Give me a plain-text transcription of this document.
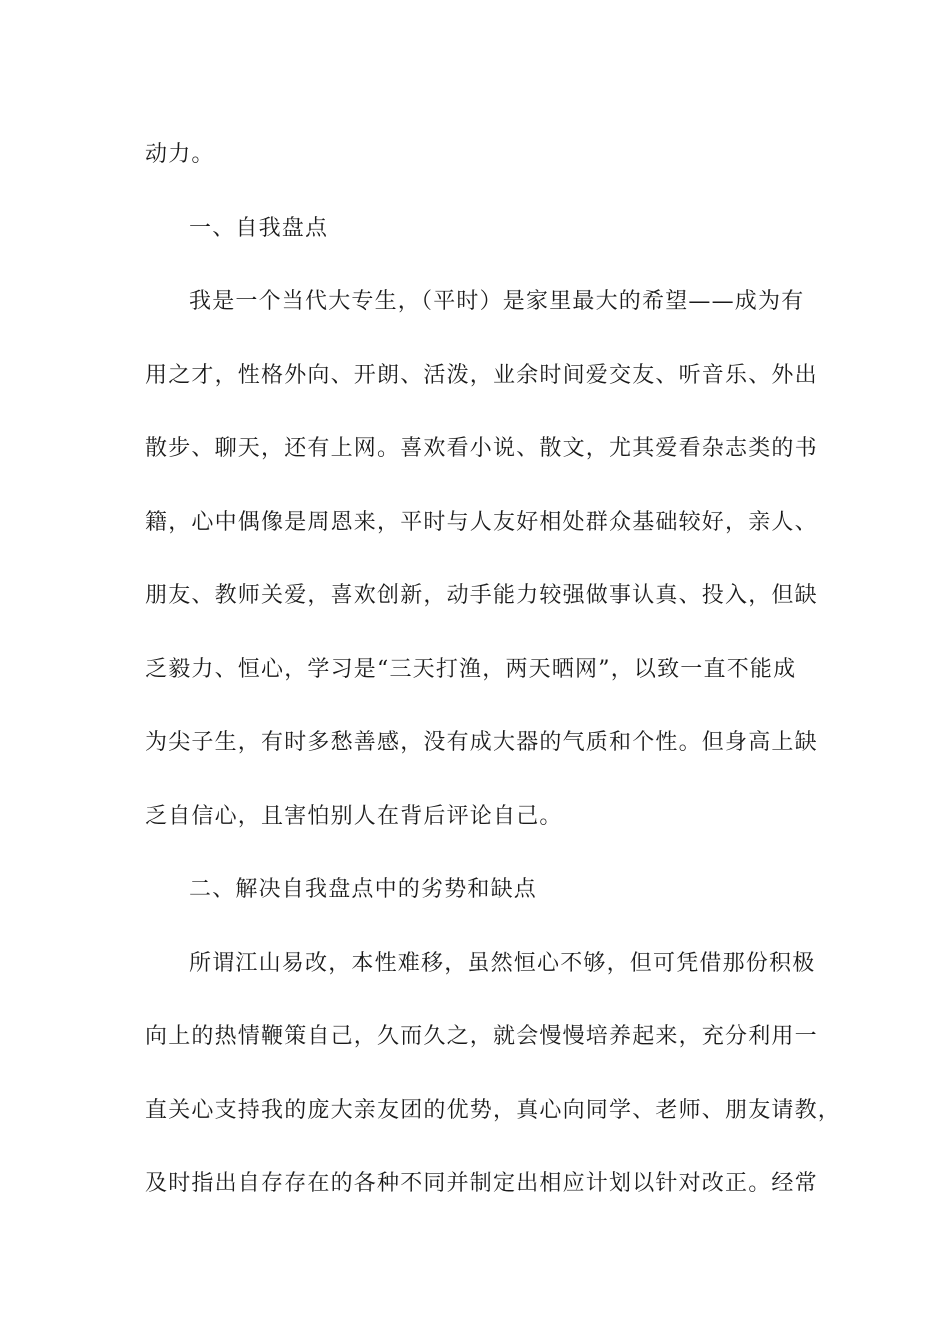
动力。
一、自我盘点
我是一个当代大专生，（平时）是家里最大的希望——成为有
用之才，性格外向、开朗、活泼，业余时间爱交友、听音乐、外出
散步、聊天，还有上网。喜欢看小说、散文，尤其爱看杂志类的书
籍，心中偶像是周恩来，平时与人友好相处群众基础较好，亲人、
朋友、教师关爱，喜欢创新，动手能力较强做事认真、投入，但缺
乏毅力、恒心，学习是“三天打渔，两天晒网”，以致一直不能成
为尖子生，有时多愁善感，没有成大器的气质和个性。但身高上缺
乏自信心，且害怕别人在背后评论自己。
二、解决自我盘点中的劣势和缺点
所谓江山易改，本性难移，虽然恒心不够，但可凭借那份积极
向上的热情鞭策自己，久而久之，就会慢慢培养起来，充分利用一
直关心支持我的庞大亲友团的优势，真心向同学、老师、朋友请教，
及时指出自存存在的各种不同并制定出相应计划以针对改正。经常
